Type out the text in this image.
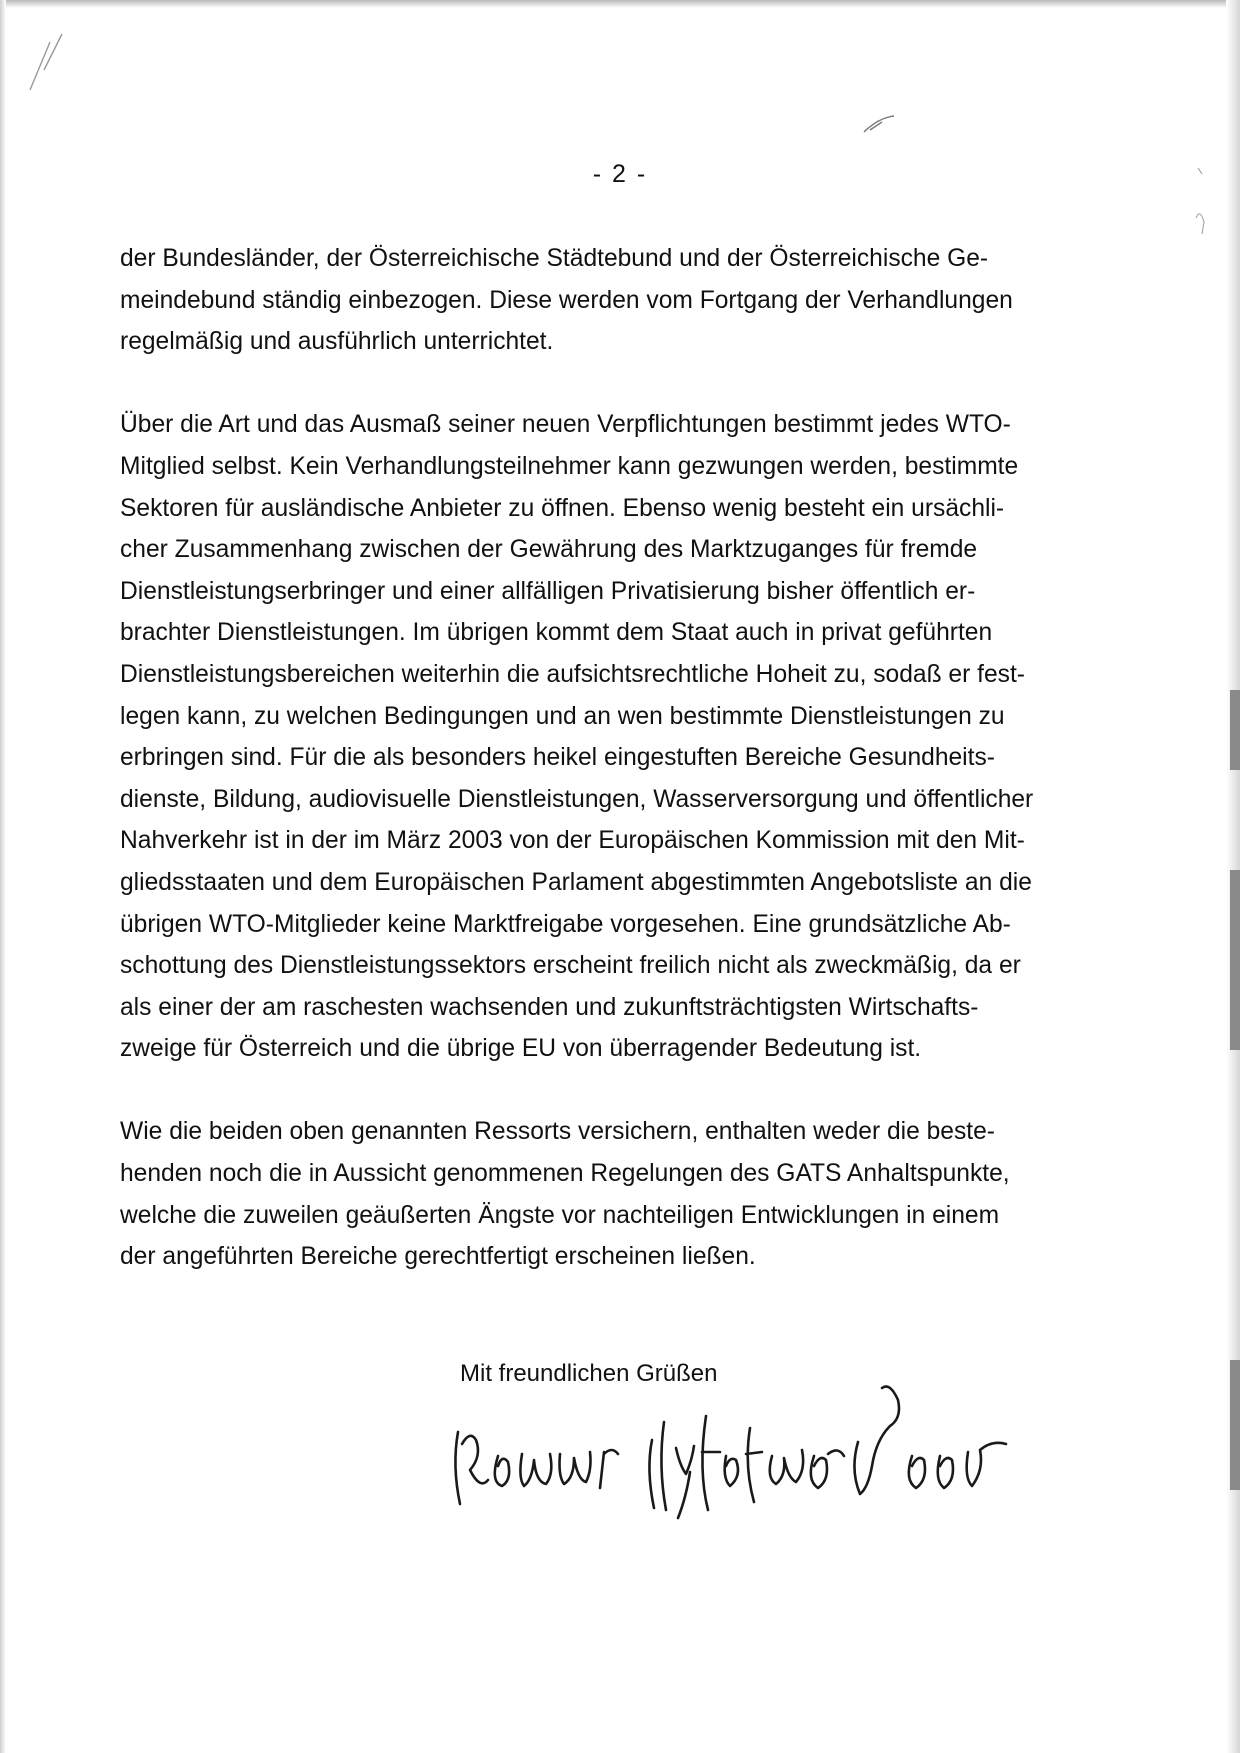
- 2 -

der Bundesländer, der Österreichische Städtebund und der Österreichische Ge-
meindebund ständig einbezogen. Diese werden vom Fortgang der Verhandlungen
regelmäßig und ausführlich unterrichtet.

Über die Art und das Ausmaß seiner neuen Verpflichtungen bestimmt jedes WTO-
Mitglied selbst. Kein Verhandlungsteilnehmer kann gezwungen werden, bestimmte
Sektoren für ausländische Anbieter zu öffnen. Ebenso wenig besteht ein ursächli-
cher Zusammenhang zwischen der Gewährung des Marktzuganges für fremde
Dienstleistungserbringer und einer allfälligen Privatisierung bisher öffentlich er-
brachter Dienstleistungen. Im übrigen kommt dem Staat auch in privat geführten
Dienstleistungsbereichen weiterhin die aufsichtsrechtliche Hoheit zu, sodaß er fest-
legen kann, zu welchen Bedingungen und an wen bestimmte Dienstleistungen zu
erbringen sind. Für die als besonders heikel eingestuften Bereiche Gesundheits-
dienste, Bildung, audiovisuelle Dienstleistungen, Wasserversorgung und öffentlicher
Nahverkehr ist in der im März 2003 von der Europäischen Kommission mit den Mit-
gliedsstaaten und dem Europäischen Parlament abgestimmten Angebotsliste an die
übrigen WTO-Mitglieder keine Marktfreigabe vorgesehen. Eine grundsätzliche Ab-
schottung des Dienstleistungssektors erscheint freilich nicht als zweckmäßig, da er
als einer der am raschesten wachsenden und zukunftsträchtigsten Wirtschafts-
zweige für Österreich und die übrige EU von überragender Bedeutung ist.

Wie die beiden oben genannten Ressorts versichern, enthalten weder die beste-
henden noch die in Aussicht genommenen Regelungen des GATS Anhaltspunkte,
welche die zuweilen geäußerten Ängste vor nachteiligen Entwicklungen in einem
der angeführten Bereiche gerechtfertigt erscheinen ließen.

Mit freundlichen Grüßen
